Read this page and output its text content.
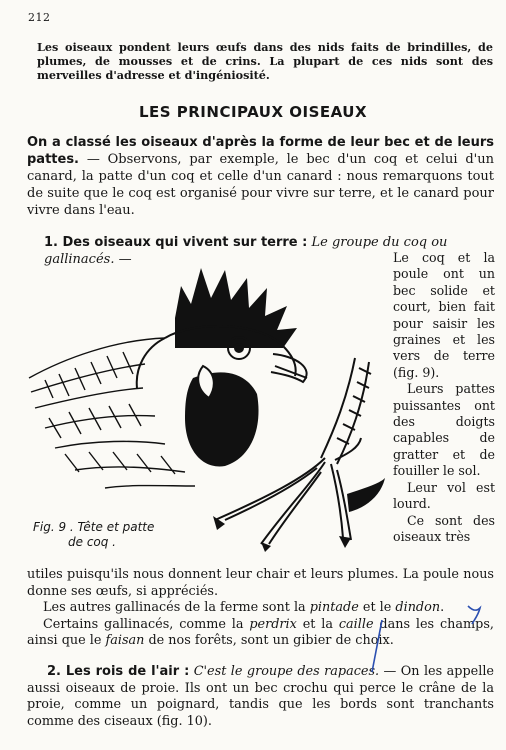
212
Les oiseaux pondent leurs œufs dans des nids faits de brindilles, de plumes, de mousses et de crins. La plupart de ces nids sont des merveilles d'adresse et d'ingéniosité.
LES PRINCIPAUX OISEAUX
On a classé les oiseaux d'après la forme de leur bec et de leurs pattes. — Observons, par exemple, le bec d'un coq et celui d'un canard, la patte d'un coq et celle d'un canard : nous remarquons tout de suite que le coq est organisé pour vivre sur terre, et le canard pour vivre dans l'eau.
1. Des oiseaux qui vivent sur terre : Le groupe du coq ou gallinacés. —	Le coq et la poule ont un bec solide et court, bien fait pour saisir les graines et les vers de terre (fig. 9).

Leurs pattes puissantes ont des doigts capables de gratter et de fouiller le sol.

Leur vol est lourd.

Ce sont des oiseaux très

Fig. 9 . Tête et patte
de coq .

utiles puisqu'ils nous donnent leur chair et leurs plumes. La poule nous donne ses œufs, si appréciés.

Les autres gallinacés de la ferme sont la pintade et le dindon.

Certains gallinacés, comme la perdrix et la caille dans les champs, ainsi que le faisan de nos forêts, sont un gibier de choix.

2. Les rois de l'air : C'est le groupe des rapaces. — On les appelle aussi oiseaux de proie. Ils ont un bec crochu qui perce le crâne de la proie, comme un poignard, tandis que les bords sont tranchants comme des ciseaux (fig. 10).
